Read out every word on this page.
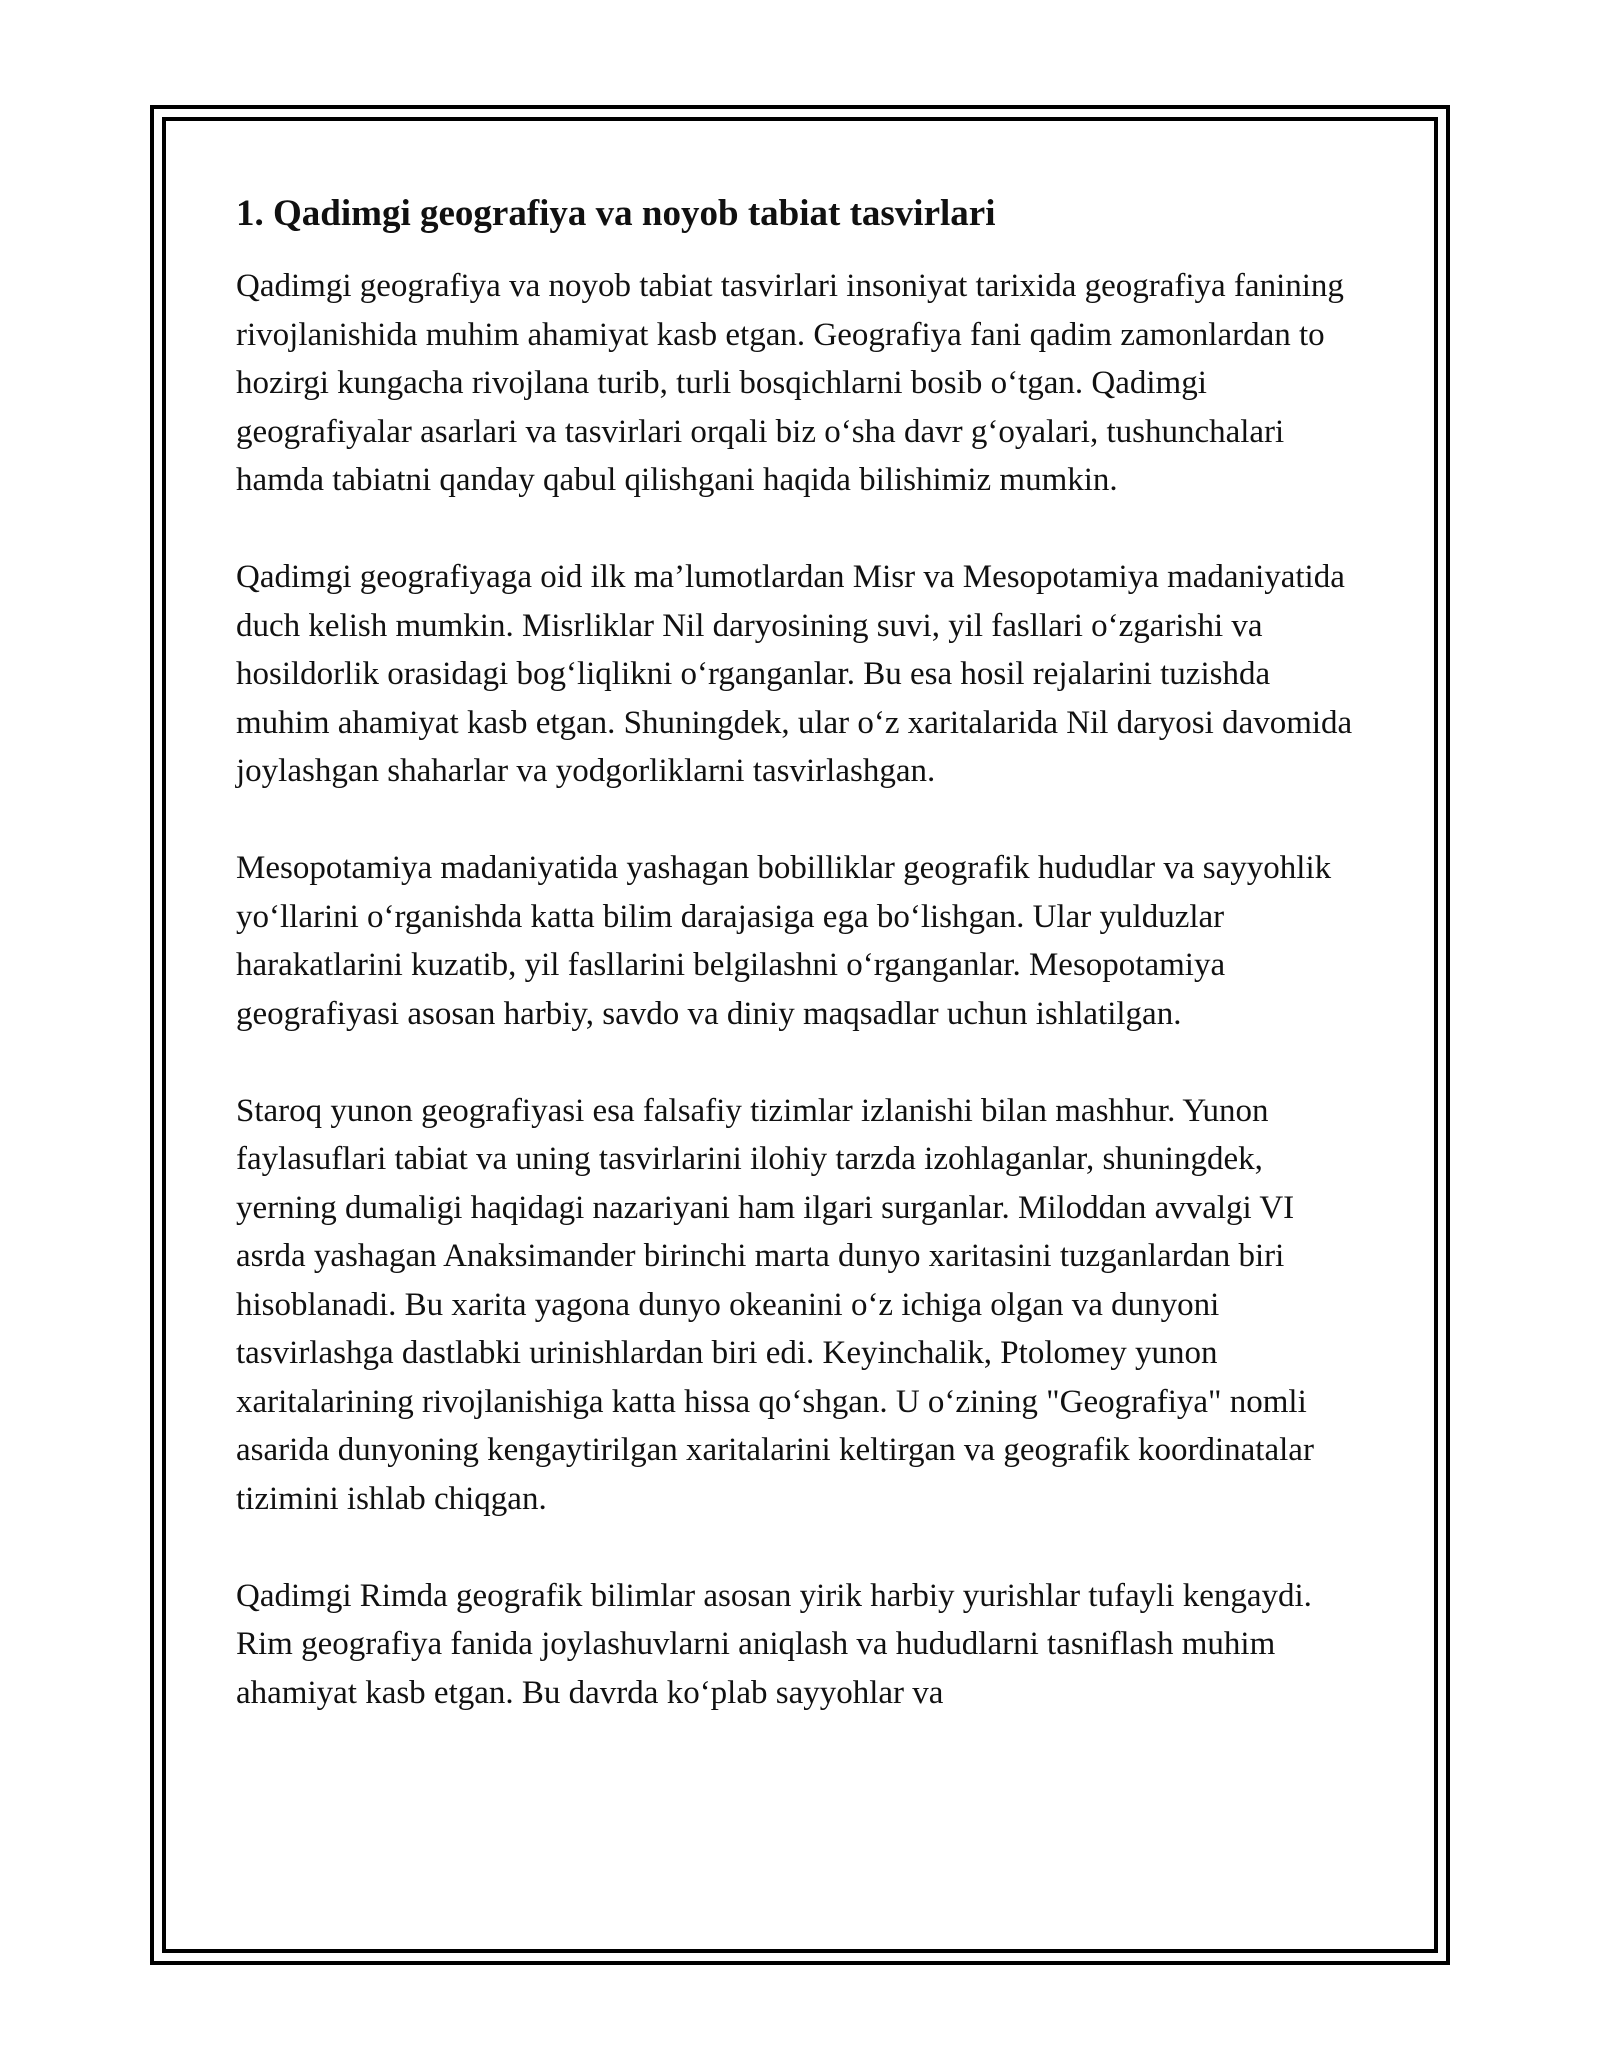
1. Qadimgi geografiya va noyob tabiat tasvirlari

Qadimgi geografiya va noyob tabiat tasvirlari insoniyat tarixida geografiya fanining rivojlanishida muhim ahamiyat kasb etgan. Geografiya fani qadim zamonlardan to hozirgi kungacha rivojlana turib, turli bosqichlarni bosib o‘tgan. Qadimgi geografiyalar asarlari va tasvirlari orqali biz o‘sha davr g‘oyalari, tushunchalari hamda tabiatni qanday qabul qilishgani haqida bilishimiz mumkin.

Qadimgi geografiyaga oid ilk ma’lumotlardan Misr va Mesopotamiya madaniyatida duch kelish mumkin. Misrliklar Nil daryosining suvi, yil fasllari o‘zgarishi va hosildorlik orasidagi bog‘liqlikni o‘rganganlar. Bu esa hosil rejalarini tuzishda muhim ahamiyat kasb etgan. Shuningdek, ular o‘z xaritalarida Nil daryosi davomida joylashgan shaharlar va yodgorliklarni tasvirlashgan.

Mesopotamiya madaniyatida yashagan bobilliklar geografik hududlar va sayyohlik yo‘llarini o‘rganishda katta bilim darajasiga ega bo‘lishgan. Ular yulduzlar harakatlarini kuzatib, yil fasllarini belgilashni o‘rganganlar. Mesopotamiya geografiyasi asosan harbiy, savdo va diniy maqsadlar uchun ishlatilgan.

Staroq yunon geografiyasi esa falsafiy tizimlar izlanishi bilan mashhur. Yunon faylasuflari tabiat va uning tasvirlarini ilohiy tarzda izohlaganlar, shuningdek, yerning dumaligi haqidagi nazariyani ham ilgari surganlar. Miloddan avvalgi VI asrda yashagan Anaksimander birinchi marta dunyo xaritasini tuzganlardan biri hisoblanadi. Bu xarita yagona dunyo okeanini o‘z ichiga olgan va dunyoni tasvirlashga dastlabki urinishlardan biri edi. Keyinchalik, Ptolomey yunon xaritalarining rivojlanishiga katta hissa qo‘shgan. U o‘zining "Geografiya" nomli asarida dunyoning kengaytirilgan xaritalarini keltirgan va geografik koordinatalar tizimini ishlab chiqgan.

Qadimgi Rimda geografik bilimlar asosan yirik harbiy yurishlar tufayli kengaydi. Rim geografiya fanida joylashuvlarni aniqlash va hududlarni tasniflash muhim ahamiyat kasb etgan. Bu davrda ko‘plab sayyohlar va
